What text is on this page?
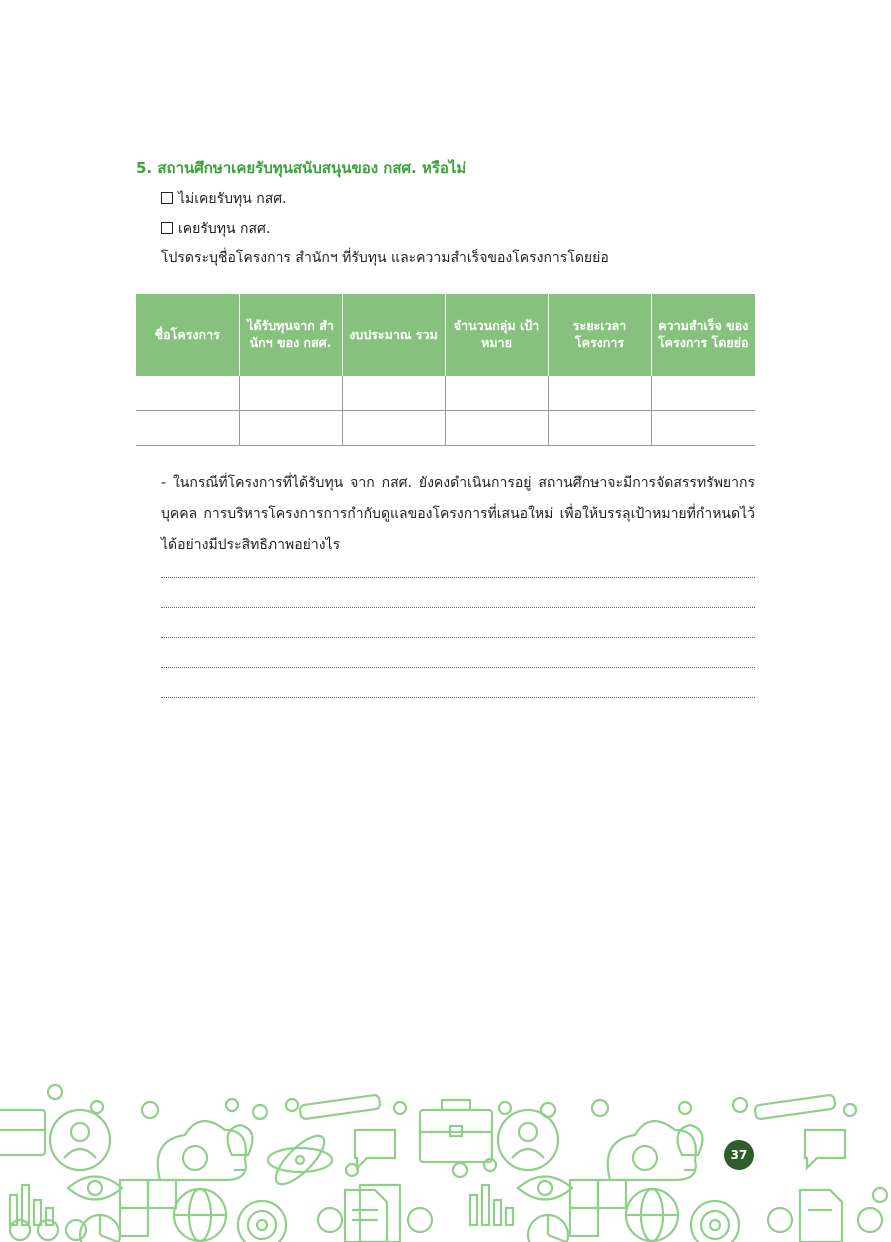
5. สถานศึกษาเคยรับทุนสนับสนุนของ กสศ. หรือไม่
ไม่เคยรับทุน กสศ.
เคยรับทุน กสศ.
โปรดระบุชื่อโครงการ สำนักฯ ที่รับทุน และความสำเร็จของโครงการโดยย่อ
ชื่อโครงการ	ได้รับทุนจาก สำนักฯ ของ กสศ.	งบประมาณ รวม	จำนวนกลุ่ม เป้าหมาย	ระยะเวลา โครงการ	ความสำเร็จ ของโครงการ โดยย่อ

- ในกรณีที่โครงการที่ได้รับทุน จาก กสศ. ยังคงดำเนินการอยู่ สถานศึกษาจะมีการจัดสรรทรัพยากรบุคคล การบริหารโครงการการกำกับดูแลของโครงการที่เสนอใหม่ เพื่อให้บรรลุเป้าหมายที่กำหนดไว้ได้อย่างมีประสิทธิภาพอย่างไร
37
